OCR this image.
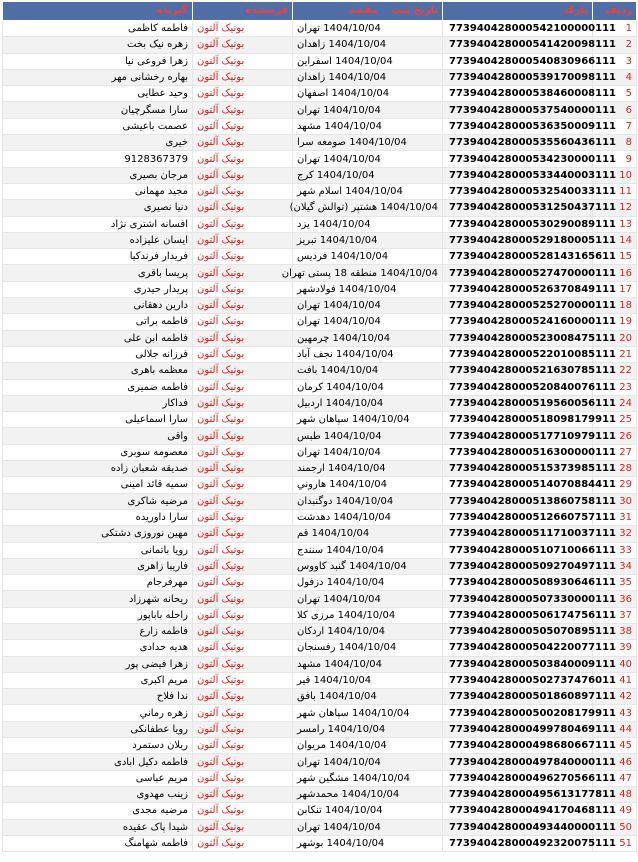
ردیف	بارکد	تاریخ ثبت    مقصد	فرستنده	گیرنده
1	773940428000542100000111	1404/10/04 تهران	بوتیک آلتون	فاطمه کاظمی
2	773940428000541420098111	1404/10/04 زاهدان	بوتیک آلتون	زهره نیک بخت
3	773940428000540830966111	1404/10/04 اسفراین	بوتیک آلتون	زهرا فروعی نیا
4	773940428000539170098111	1404/10/04 زاهدان	بوتیک آلتون	بهاره رخشانی مهر
5	773940428000538460008111	1404/10/04 اصفهان	بوتیک آلتون	وحید عطایی
6	773940428000537540000111	1404/10/04 تهران	بوتیک آلتون	سارا مسگرچیان
7	773940428000536350009111	1404/10/04 مشهد	بوتیک آلتون	عصمت باعیشی
8	773940428000535560436111	1404/10/04 صومعه سرا	بوتیک آلتون	خیری
9	773940428000534230000111	1404/10/04 تهران	بوتیک آلتون	9128367379
10	773940428000533440003111	1404/10/04 کرج	بوتیک آلتون	مرجان بصیری
11	773940428000532540033111	1404/10/04 اسلام شهر	بوتیک آلتون	مجید مهمانی
12	773940428000531250437111	1404/10/04 هشتپر (توالش گیلان)	بوتیک آلتون	دنیا نصیری
13	773940428000530290089111	1404/10/04 یزد	بوتیک آلتون	افسانه اشتری نژاد
14	773940428000529180005111	1404/10/04 تبریز	بوتیک آلتون	ایسان علیزاده
15	773940428000528143165611	1404/10/04 فردیس	بوتیک آلتون	فریدار فرندکیا
16	773940428000527470000111	1404/10/04 منطقه 18 پستی تهران	بوتیک آلتون	پریسا باقری
17	773940428000526370849111	1404/10/04 فولادشهر	بوتیک آلتون	پریدار حیدری
18	773940428000525270000111	1404/10/04 تهران	بوتیک آلتون	دارین دهقانی
19	773940428000524160000111	1404/10/04 تهران	بوتیک آلتون	فاطمه براتی
20	773940428000523008475111	1404/10/04 چرمهین	بوتیک آلتون	فاطمه ابن علی
21	773940428000522010085111	1404/10/04 نجف آباد	بوتیک آلتون	فرزانه جلالی
22	773940428000521630785111	1404/10/04 بافت	بوتیک آلتون	معظمه باهری
23	773940428000520840076111	1404/10/04 کرمان	بوتیک آلتون	فاطمه ضمیری
24	773940428000519560056111	1404/10/04 اردبیل	بوتیک آلتون	فداکار
25	773940428000518098179911	1404/10/04 سپاهان شهر	بوتیک آلتون	سارا اسماعیلی
26	773940428000517710979111	1404/10/04 طبس	بوتیک آلتون	واقی
27	773940428000516300000111	1404/10/04 تهران	بوتیک آلتون	معصومه سوبری
28	773940428000515373985111	1404/10/04 ارجمند	بوتیک آلتون	صدیقه شعبان زاده
29	773940428000514070884411	1404/10/04 هاروني	بوتیک آلتون	سمیه قائد امینی
30	773940428000513860758111	1404/10/04 دوگنبدان	بوتیک آلتون	مرضیه شاکری
31	773940428000512660757111	1404/10/04 دهدشت	بوتیک آلتون	سارا داوریده
32	773940428000511710037111	1404/10/04 قم	بوتیک آلتون	مهین نوروزی دشتکی
33	773940428000510710066111	1404/10/04 سنندج	بوتیک آلتون	رویا باتمانی
34	773940428000509270497111	1404/10/04 گنبد کاووس	بوتیک آلتون	فاریبا زاهری
35	773940428000508930646111	1404/10/04 دزفول	بوتیک آلتون	مهرفرجام
36	773940428000507330000111	1404/10/04 تهران	بوتیک آلتون	ریحانه شهرزاد
37	773940428000506174756111	1404/10/04 مرزی کلا	بوتیک آلتون	راحله باباپور
38	773940428000505070895111	1404/10/04 اردکان	بوتیک آلتون	فاطمه زارع
39	773940428000504220077111	1404/10/04 رفسنجان	بوتیک آلتون	هدیه حدادی
40	773940428000503840009111	1404/10/04 مشهد	بوتیک آلتون	زهرا فیضی پور
41	773940428000502737476011	1404/10/04 قیر	بوتیک آلتون	مریم اکبری
42	773940428000501860897111	1404/10/04 بافق	بوتیک آلتون	ندا فلاح
43	773940428000500208179911	1404/10/04 سپاهان شهر	بوتیک آلتون	زهره رماني
44	773940428000499780469111	1404/10/04 رامسر	بوتیک آلتون	رویا عطفانکی
45	773940428000498680667111	1404/10/04 مریوان	بوتیک آلتون	ریلان دستمرد
46	773940428000497840000111	1404/10/04 تهران	بوتیک آلتون	فاطمه دکیل ابادی
47	773940428000496270566111	1404/10/04 مشگین شهر	بوتیک آلتون	مریم عباسی
48	773940428000495613177811	1404/10/04 محمدشهر	بوتیک آلتون	زینب مهدوی
49	773940428000494170468111	1404/10/04 تنکابن	بوتیک آلتون	مرضیه مجدی
50	773940428000493440000111	1404/10/04 تهران	بوتیک آلتون	شیدا پاک عقیده
51	773940428000492320075111	1404/10/04 بوشهر	بوتیک آلتون	فاطمه شهامنگ
